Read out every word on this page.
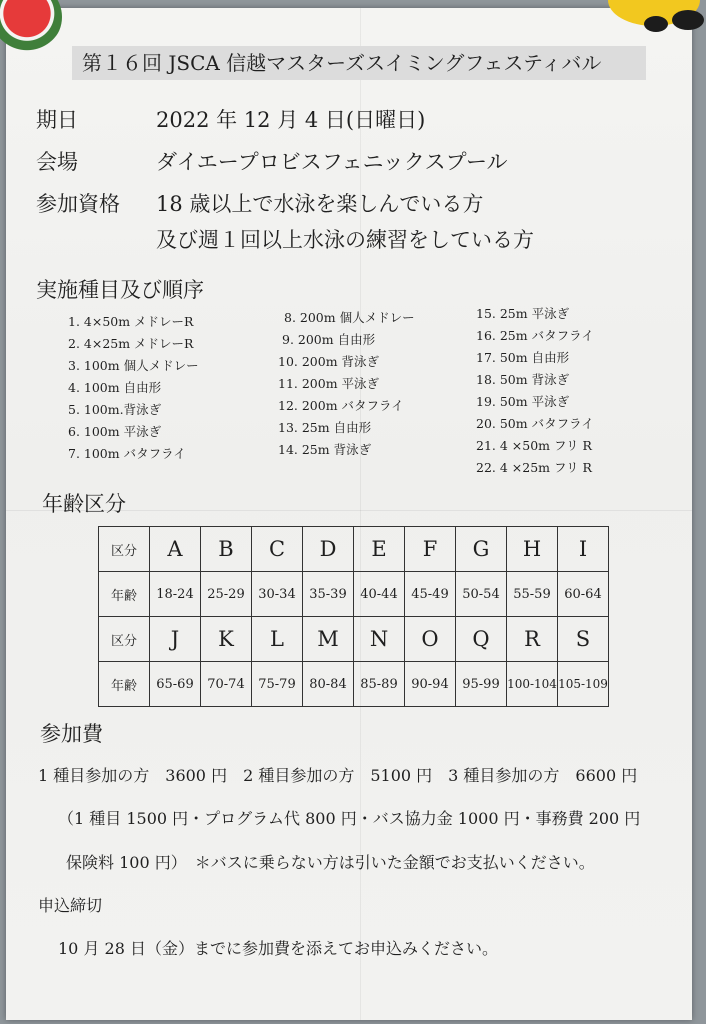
第１６回 JSCA 信越マスターズスイミングフェスティバル
期日	2022 年 12 月 4 日(日曜日)
会場	ダイエープロビスフェニックスプール
参加資格 18 歳以上で水泳を楽しんでいる方
及び週１回以上水泳の練習をしている方
実施種目及び順序
1. 4×50m メドレーR
2. 4×25m メドレーR
3. 100m 個人メドレー
4. 100m 自由形
5. 100m.背泳ぎ
6. 100m 平泳ぎ
7. 100m バタフライ
8. 200m 個人メドレー
9. 200m 自由形
10. 200m 背泳ぎ
11. 200m 平泳ぎ
12. 200m バタフライ
13. 25m 自由形
14. 25m 背泳ぎ
15. 25m 平泳ぎ
16. 25m バタフライ
17. 50m 自由形
18. 50m 背泳ぎ
19. 50m 平泳ぎ
20. 50m バタフライ
21. 4 ×50m フリ R
22. 4 ×25m フリ R
年齢区分
区分	A	B	C	D	E	F	G	H	I
年齢	18-24	25-29	30-34	35-39	40-44	45-49	50-54	55-59	60-64
区分	J	K	L	M	N	O	Q	R	S
年齢	65-69	70-74	75-79	80-84	85-89	90-94	95-99	100-104	105-109
参加費
1 種目参加の方　3600 円　2 種目参加の方　5100 円　3 種目参加の方　6600 円
（1 種目 1500 円・プログラム代 800 円・バス協力金 1000 円・事務費 200 円
保険料 100 円）　＊バスに乗らない方は引いた金額でお支払いください。
申込締切
10 月 28 日（金）までに参加費を添えてお申込みください。
